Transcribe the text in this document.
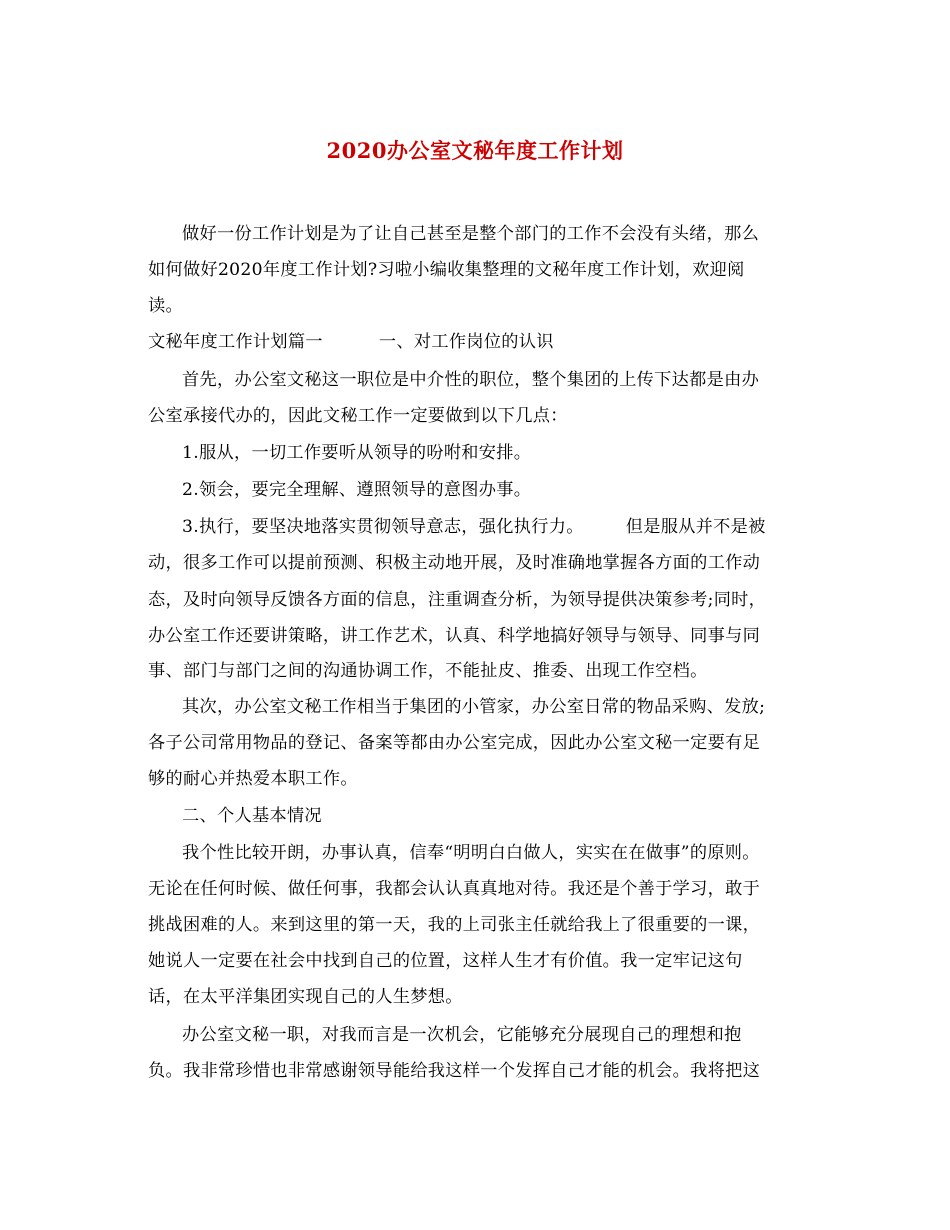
2020办公室文秘年度工作计划
做好一份工作计划是为了让自己甚至是整个部门的工作不会没有头绪，那么
如何做好2020年度工作计划?习啦小编收集整理的文秘年度工作计划，欢迎阅
读。
文秘年度工作计划篇一	一、对工作岗位的认识
首先，办公室文秘这一职位是中介性的职位，整个集团的上传下达都是由办
公室承接代办的，因此文秘工作一定要做到以下几点：
1.服从，一切工作要听从领导的吩咐和安排。
2.领会，要完全理解、遵照领导的意图办事。
3.执行，要坚决地落实贯彻领导意志，强化执行力。 但是服从并不是被
动，很多工作可以提前预测、积极主动地开展，及时准确地掌握各方面的工作动
态，及时向领导反馈各方面的信息，注重调查分析，为领导提供决策参考;同时，
办公室工作还要讲策略，讲工作艺术，认真、科学地搞好领导与领导、同事与同
事、部门与部门之间的沟通协调工作，不能扯皮、推委、出现工作空档。
其次，办公室文秘工作相当于集团的小管家，办公室日常的物品采购、发放;
各子公司常用物品的登记、备案等都由办公室完成，因此办公室文秘一定要有足
够的耐心并热爱本职工作。
二、个人基本情况
我个性比较开朗，办事认真，信奉“明明白白做人，实实在在做事”的原则。
无论在任何时候、做任何事，我都会认认真真地对待。我还是个善于学习，敢于
挑战困难的人。来到这里的第一天，我的上司张主任就给我上了很重要的一课，
她说人一定要在社会中找到自己的位置，这样人生才有价值。我一定牢记这句
话，在太平洋集团实现自己的人生梦想。
办公室文秘一职，对我而言是一次机会，它能够充分展现自己的理想和抱
负。我非常珍惜也非常感谢领导能给我这样一个发挥自己才能的机会。我将把这
